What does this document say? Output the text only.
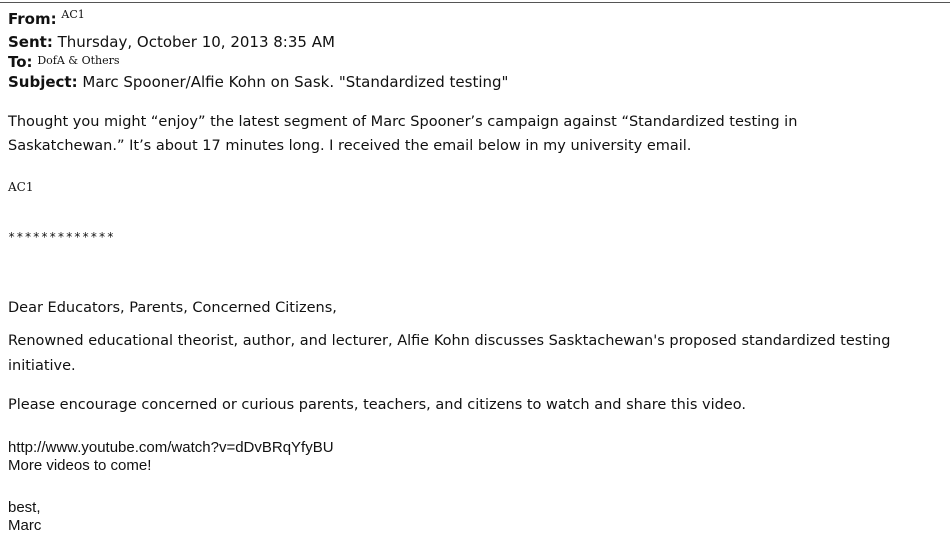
From: $^{AC1}$
Sent: Thursday, October 10, 2013 8:35 AM
To: $^{DofA \& Others}$
Subject: Marc Spooner/Alfie Kohn on Sask. "Standardized testing"
Thought you might “enjoy” the latest segment of Marc Spooner’s campaign against “Standardized testing in
Saskatchewan.” It’s about 17 minutes long. I received the email below in my university email.
AC1
*************
Dear Educators, Parents, Concerned Citizens,
Renowned educational theorist, author, and lecturer, Alfie Kohn discusses Sasktachewan's proposed standardized testing
initiative.
Please encourage concerned or curious parents, teachers, and citizens to watch and share this video.
http://www.youtube.com/watch?v=dDvBRqYfyBU
More videos to come!
best,
Marc
